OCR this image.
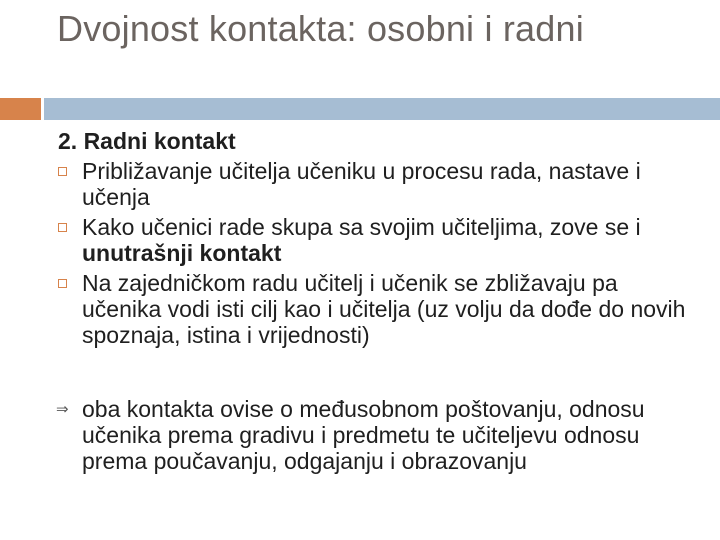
Dvojnost kontakta: osobni i radni
2. Radni kontakt
Približavanje učitelja učeniku u procesu rada, nastave i učenja
Kako učenici rade skupa sa svojim učiteljima, zove se i unutrašnji kontakt
Na zajedničkom radu učitelj i učenik se zbližavaju pa učenika vodi isti cilj kao i učitelja (uz volju da dođe do novih spoznaja, istina i vrijednosti)
⇒ oba kontakta ovise o međusobnom poštovanju, odnosu učenika prema gradivu i predmetu te učiteljevu odnosu prema poučavanju, odgajanju i obrazovanju
